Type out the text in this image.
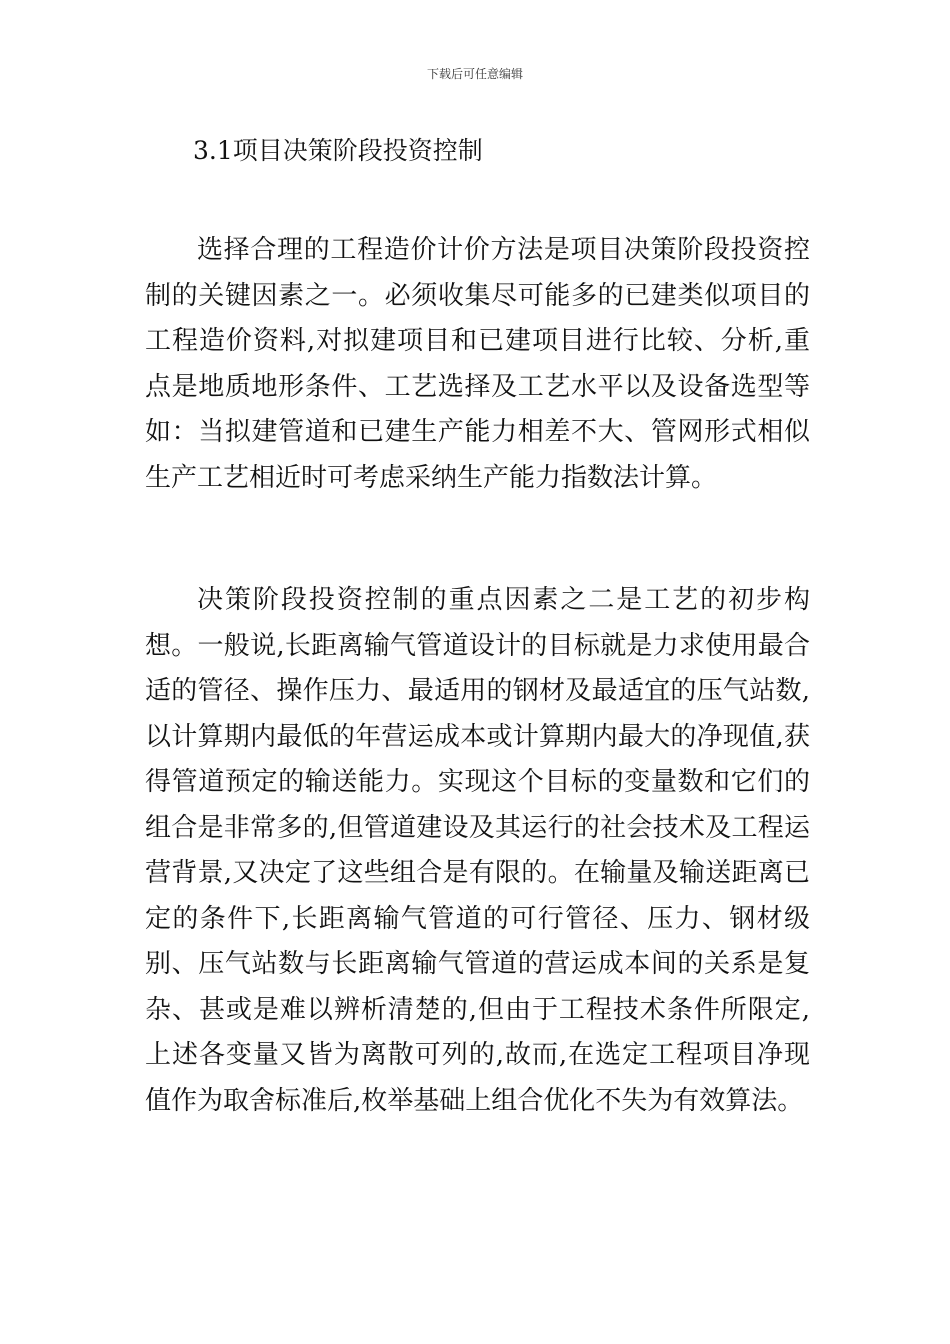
下载后可任意编辑
3.1项目决策阶段投资控制

选择合理的工程造价计价方法是项目决策阶段投资控制的关键因素之一。必须收集尽可能多的已建类似项目的工程造价资料,对拟建项目和已建项目进行比较、分析,重点是地质地形条件、工艺选择及工艺水平以及设备选型等如：当拟建管道和已建生产能力相差不大、管网形式相似生产工艺相近时可考虑采纳生产能力指数法计算。

决策阶段投资控制的重点因素之二是工艺的初步构想。一般说,长距离输气管道设计的目标就是力求使用最合适的管径、操作压力、最适用的钢材及最适宜的压气站数,以计算期内最低的年营运成本或计算期内最大的净现值,获得管道预定的输送能力。实现这个目标的变量数和它们的组合是非常多的,但管道建设及其运行的社会技术及工程运营背景,又决定了这些组合是有限的。在输量及输送距离已定的条件下,长距离输气管道的可行管径、压力、钢材级别、压气站数与长距离输气管道的营运成本间的关系是复杂、甚或是难以辨析清楚的,但由于工程技术条件所限定,上述各变量又皆为离散可列的,故而,在选定工程项目净现值作为取舍标准后,枚举基础上组合优化不失为有效算法。
